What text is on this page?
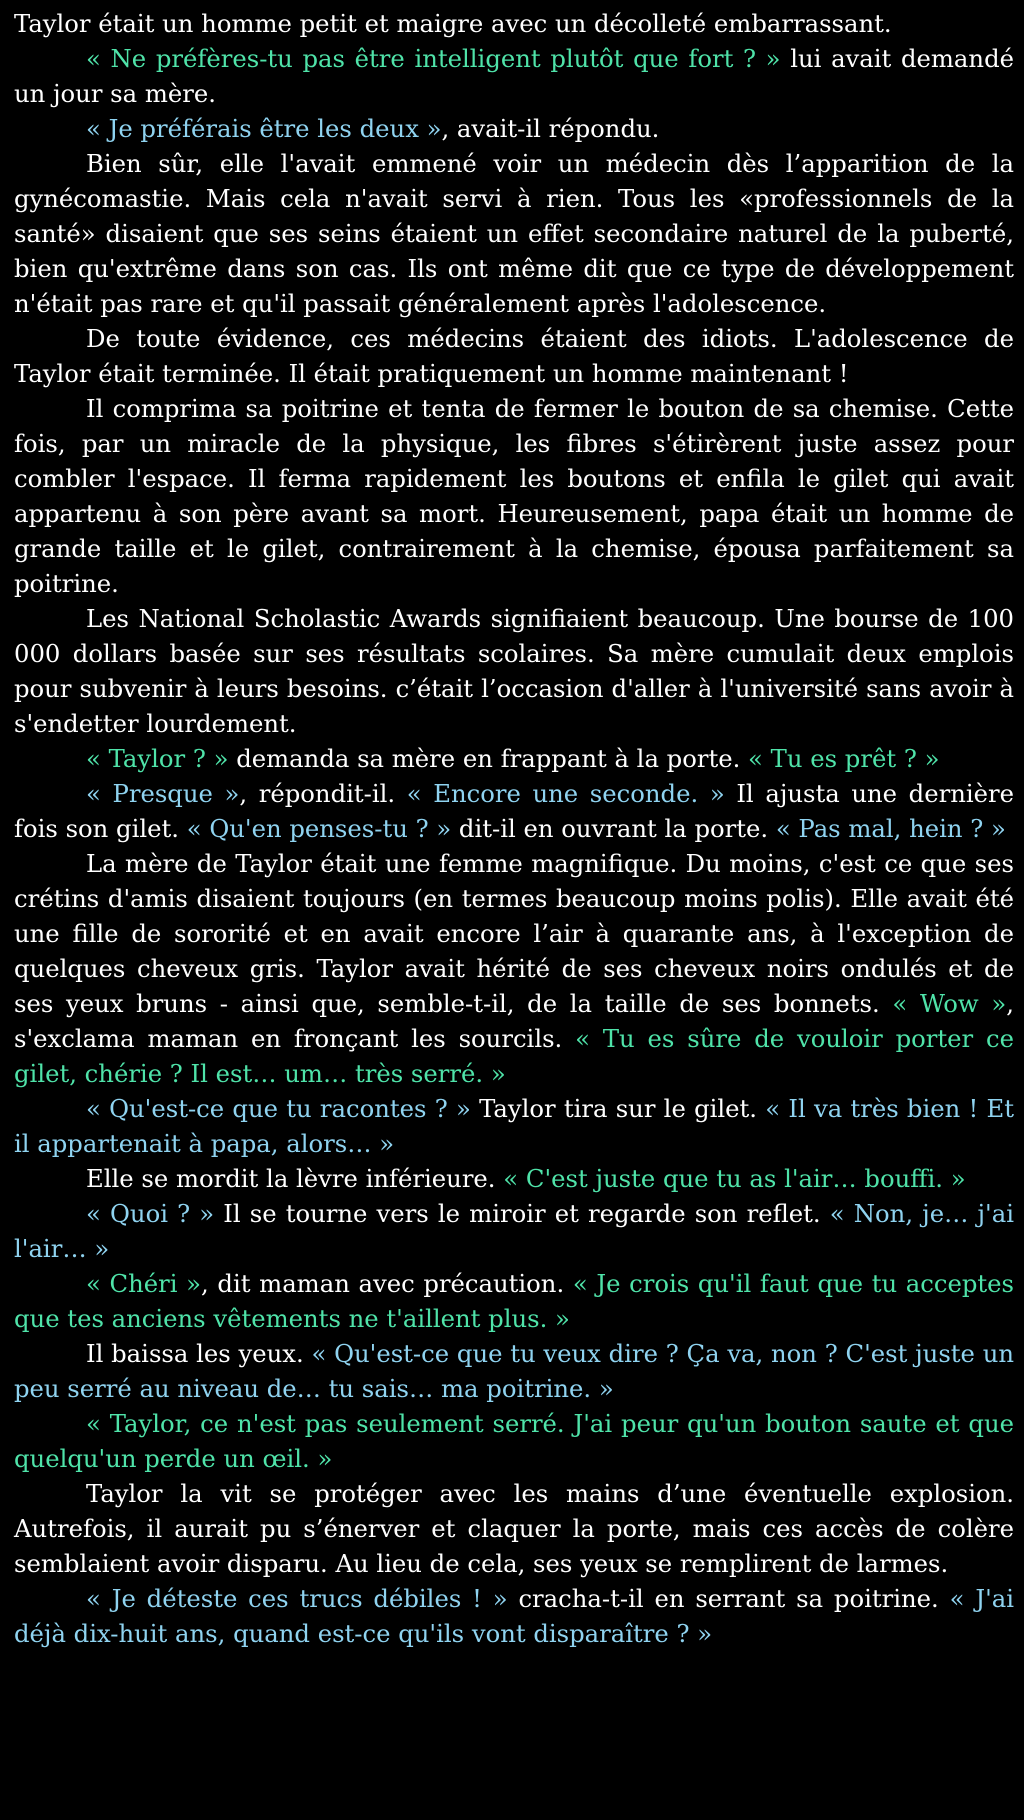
Taylor était un homme petit et maigre avec un décolleté embarrassant.

« Ne préfères-tu pas être intelligent plutôt que fort ? » lui avait demandé un jour sa mère.

« Je préférais être les deux », avait-il répondu.

Bien sûr, elle l'avait emmené voir un médecin dès l’apparition de la gynécomastie. Mais cela n'avait servi à rien. Tous les «professionnels de la santé» disaient que ses seins étaient un effet secondaire naturel de la puberté, bien qu'extrême dans son cas. Ils ont même dit que ce type de développement n'était pas rare et qu'il passait généralement après l'adolescence.

De toute évidence, ces médecins étaient des idiots. L'adolescence de Taylor était terminée. Il était pratiquement un homme maintenant !

Il comprima sa poitrine et tenta de fermer le bouton de sa chemise. Cette fois, par un miracle de la physique, les fibres s'étirèrent juste assez pour combler l'espace. Il ferma rapidement les boutons et enfila le gilet qui avait appartenu à son père avant sa mort. Heureusement, papa était un homme de grande taille et le gilet, contrairement à la chemise, épousa parfaitement sa poitrine.

Les National Scholastic Awards signifiaient beaucoup. Une bourse de 100 000 dollars basée sur ses résultats scolaires. Sa mère cumulait deux emplois pour subvenir à leurs besoins. c’était l’occasion d'aller à l'université sans avoir à s'endetter lourdement.

« Taylor ? » demanda sa mère en frappant à la porte. « Tu es prêt ? »

« Presque », répondit-il. « Encore une seconde. » Il ajusta une dernière fois son gilet. « Qu'en penses-tu ? » dit-il en ouvrant la porte. « Pas mal, hein ? »

La mère de Taylor était une femme magnifique. Du moins, c'est ce que ses crétins d'amis disaient toujours (en termes beaucoup moins polis). Elle avait été une fille de sororité et en avait encore l’air à quarante ans, à l'exception de quelques cheveux gris. Taylor avait hérité de ses cheveux noirs ondulés et de ses yeux bruns - ainsi que, semble-t-il, de la taille de ses bonnets. « Wow », s'exclama maman en fronçant les sourcils. « Tu es sûre de vouloir porter ce gilet, chérie ? Il est… um… très serré. »

« Qu'est-ce que tu racontes ? » Taylor tira sur le gilet. « Il va très bien ! Et il appartenait à papa, alors… »

Elle se mordit la lèvre inférieure. « C'est juste que tu as l'air… bouffi. »

« Quoi ? » Il se tourne vers le miroir et regarde son reflet. « Non, je… j'ai l'air… »

« Chéri », dit maman avec précaution. « Je crois qu'il faut que tu acceptes que tes anciens vêtements ne t'aillent plus. »

Il baissa les yeux. « Qu'est-ce que tu veux dire ? Ça va, non ? C'est juste un peu serré au niveau de… tu sais… ma poitrine. »

« Taylor, ce n'est pas seulement serré. J'ai peur qu'un bouton saute et que quelqu'un perde un œil. »

Taylor la vit se protéger avec les mains d’une éventuelle explosion. Autrefois, il aurait pu s’énerver et claquer la porte, mais ces accès de colère semblaient avoir disparu. Au lieu de cela, ses yeux se remplirent de larmes.

« Je déteste ces trucs débiles ! » cracha-t-il en serrant sa poitrine. « J'ai déjà dix-huit ans, quand est-ce qu'ils vont disparaître ? »
